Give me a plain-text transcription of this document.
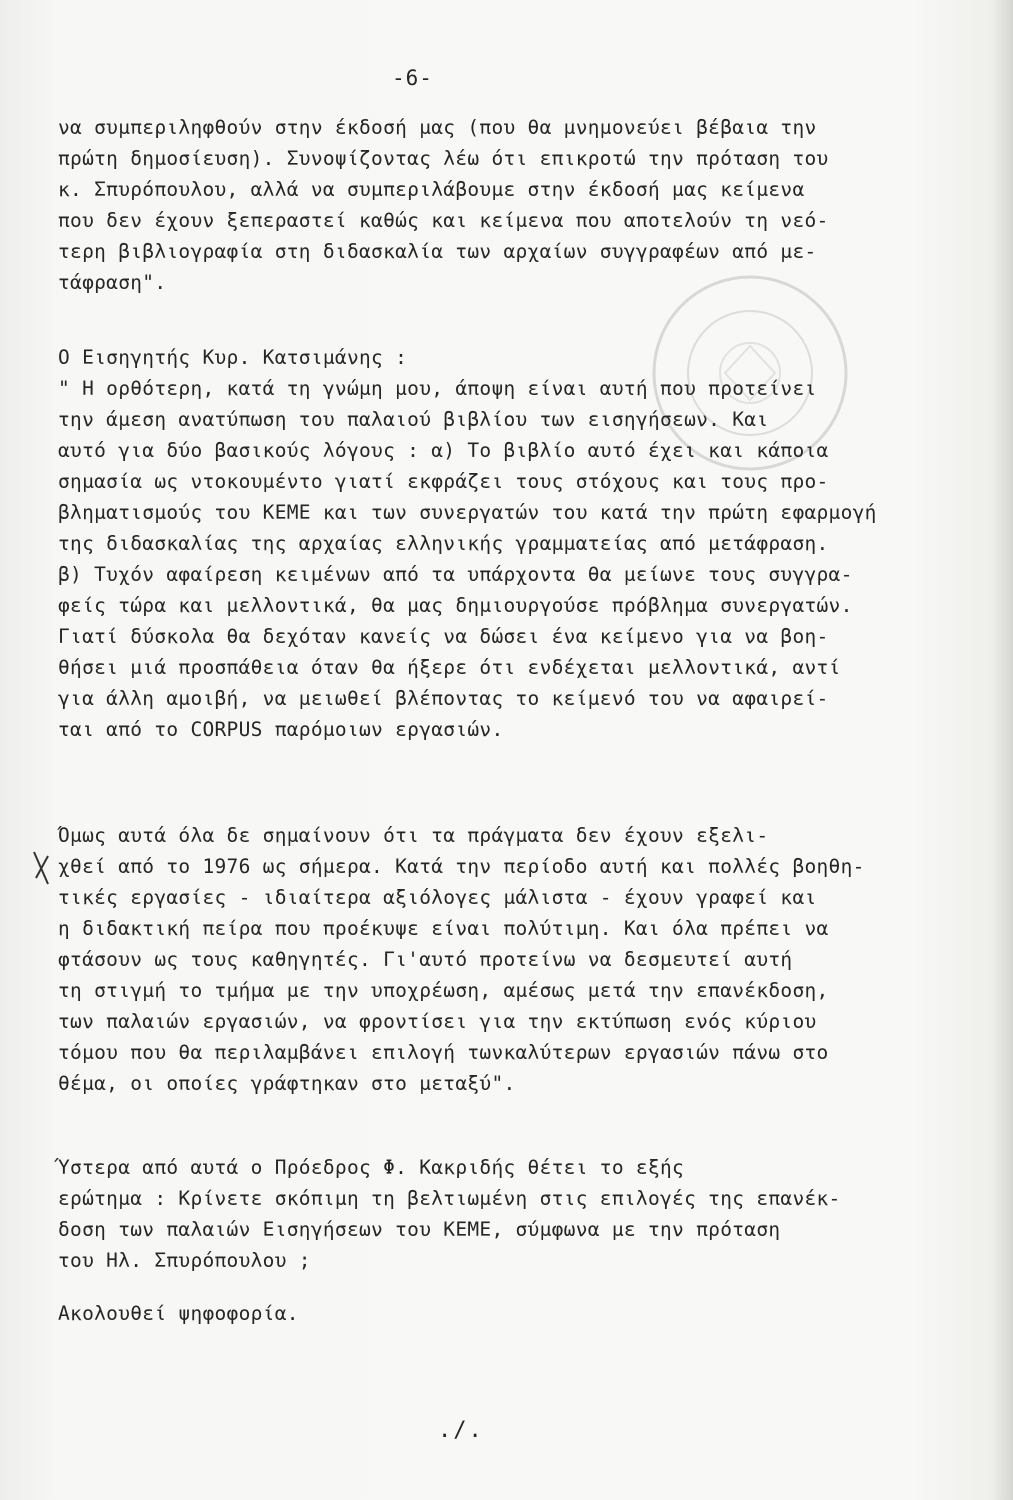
-6-
να συμπεριληφθούν στην έκδοσή μας (που θα μνημονεύει βέβαια την
πρώτη δημοσίευση). Συνοψίζοντας λέω ότι επικροτώ την πρόταση του
κ. Σπυρόπουλου, αλλά να συμπεριλάβουμε στην έκδοσή μας κείμενα
που δεν έχουν ξεπεραστεί καθώς και κείμενα που αποτελούν τη νεό-
τερη βιβλιογραφία στη διδασκαλία των αρχαίων συγγραφέων από με-
τάφραση".
Ο Εισηγητής Κυρ. Κατσιμάνης :
" Η ορθότερη, κατά τη γνώμη μου, άποψη είναι αυτή που προτείνει
την άμεση ανατύπωση του παλαιού βιβλίου των εισηγήσεων. Και
αυτό για δύο βασικούς λόγους : α) Το βιβλίο αυτό έχει και κάποια
σημασία ως ντοκουμέντο γιατί εκφράζει τους στόχους και τους προ-
βληματισμούς του ΚΕΜΕ και των συνεργατών του κατά την πρώτη εφαρμογή
της διδασκαλίας της αρχαίας ελληνικής γραμματείας από μετάφραση.
β) Τυχόν αφαίρεση κειμένων από τα υπάρχοντα θα μείωνε τους συγγρα-
φείς τώρα και μελλοντικά, θα μας δημιουργούσε πρόβλημα συνεργατών.
Γιατί δύσκολα θα δεχόταν κανείς να δώσει ένα κείμενο για να βοη-
θήσει μιά προσπάθεια όταν θα ήξερε ότι ενδέχεται μελλοντικά, αντί
για άλλη αμοιβή, να μειωθεί βλέποντας το κείμενό του να αφαιρεί-
ται από το CORPUS παρόμοιων εργασιών.
Όμως αυτά όλα δε σημαίνουν ότι τα πράγματα δεν έχουν εξελι-
χθεί από το 1976 ως σήμερα. Κατά την περίοδο αυτή και πολλές βοηθη-
τικές εργασίες - ιδιαίτερα αξιόλογες μάλιστα - έχουν γραφεί και
η διδακτική πείρα που προέκυψε είναι πολύτιμη. Και όλα πρέπει να
φτάσουν ως τους καθηγητές. Γι'αυτό προτείνω να δεσμευτεί αυτή
τη στιγμή το τμήμα με την υποχρέωση, αμέσως μετά την επανέκδοση,
των παλαιών εργασιών, να φροντίσει για την εκτύπωση ενός κύριου
τόμου που θα περιλαμβάνει επιλογή τωνκαλύτερων εργασιών πάνω στο
θέμα, οι οποίες γράφτηκαν στο μεταξύ".
Ύστερα από αυτά ο Πρόεδρος Φ. Κακριδής θέτει το εξής
ερώτημα : Κρίνετε σκόπιμη τη βελτιωμένη στις επιλογές της επανέκ-
δοση των παλαιών Εισηγήσεων του ΚΕΜΕ, σύμφωνα με την πρόταση
του Ηλ. Σπυρόπουλου ;
Ακολουθεί ψηφοφορία.
./.
